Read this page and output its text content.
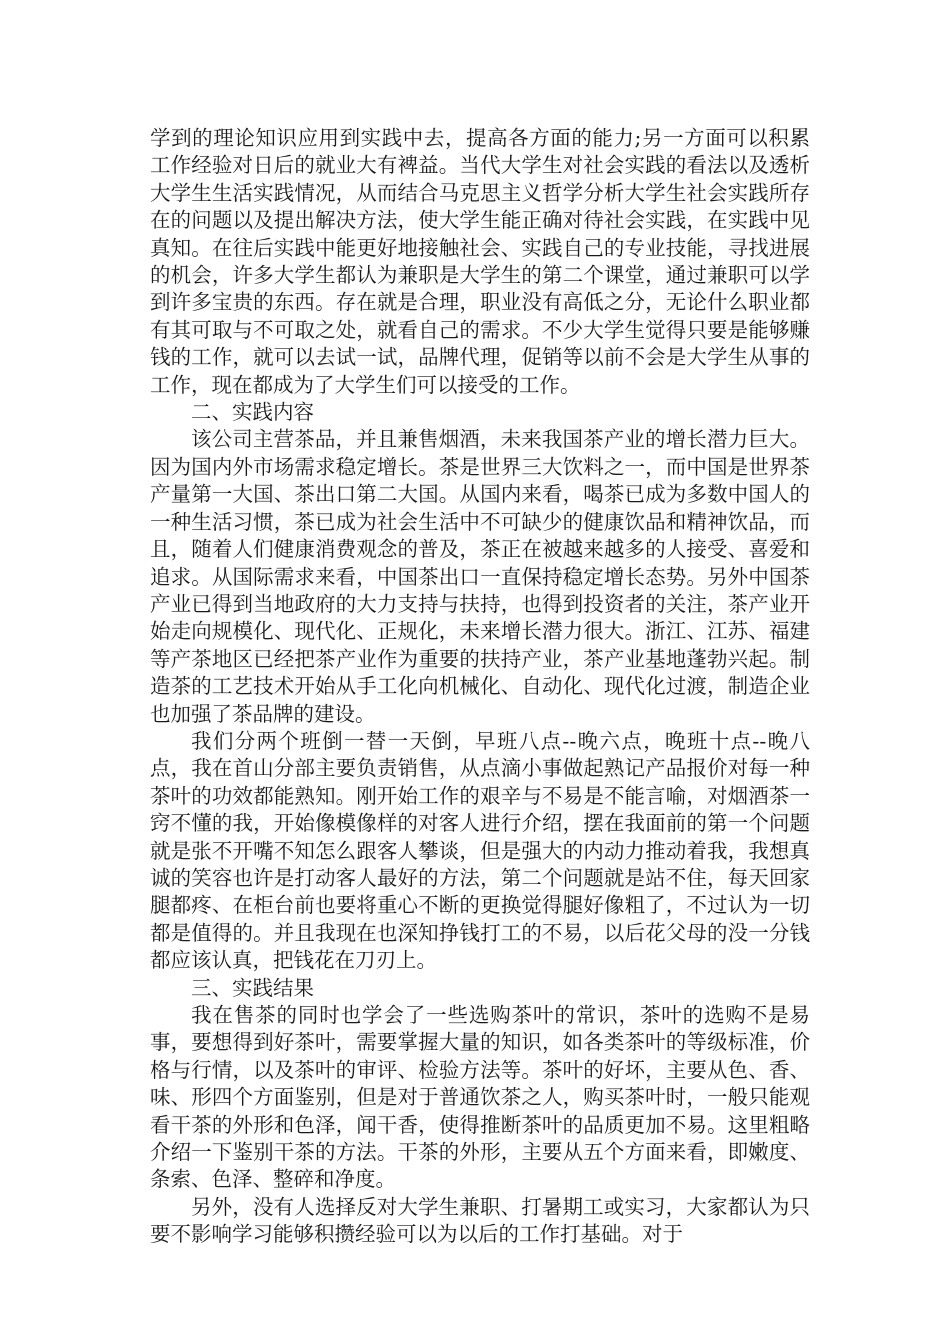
学到的理论知识应用到实践中去，提高各方面的能力;另一方面可以积累工作经验对日后的就业大有裨益。当代大学生对社会实践的看法以及透析大学生生活实践情况，从而结合马克思主义哲学分析大学生社会实践所存在的问题以及提出解决方法，使大学生能正确对待社会实践，在实践中见真知。在往后实践中能更好地接触社会、实践自己的专业技能，寻找进展的机会，许多大学生都认为兼职是大学生的第二个课堂，通过兼职可以学到许多宝贵的东西。存在就是合理，职业没有高低之分，无论什么职业都有其可取与不可取之处，就看自己的需求。不少大学生觉得只要是能够赚钱的工作，就可以去试一试，品牌代理，促销等以前不会是大学生从事的工作，现在都成为了大学生们可以接受的工作。

二、实践内容

该公司主营茶品，并且兼售烟酒，未来我国茶产业的增长潜力巨大。因为国内外市场需求稳定增长。茶是世界三大饮料之一，而中国是世界茶产量第一大国、茶出口第二大国。从国内来看，喝茶已成为多数中国人的一种生活习惯，茶已成为社会生活中不可缺少的健康饮品和精神饮品，而且，随着人们健康消费观念的普及，茶正在被越来越多的人接受、喜爱和追求。从国际需求来看，中国茶出口一直保持稳定增长态势。另外中国茶产业已得到当地政府的大力支持与扶持，也得到投资者的关注，茶产业开始走向规模化、现代化、正规化，未来增长潜力很大。浙江、江苏、福建等产茶地区已经把茶产业作为重要的扶持产业，茶产业基地蓬勃兴起。制造茶的工艺技术开始从手工化向机械化、自动化、现代化过渡，制造企业也加强了茶品牌的建设。

我们分两个班倒一替一天倒，早班八点--晚六点，晚班十点--晚八点，我在首山分部主要负责销售，从点滴小事做起熟记产品报价对每一种茶叶的功效都能熟知。刚开始工作的艰辛与不易是不能言喻，对烟酒茶一窍不懂的我，开始像模像样的对客人进行介绍，摆在我面前的第一个问题就是张不开嘴不知怎么跟客人攀谈，但是强大的内动力推动着我，我想真诚的笑容也许是打动客人最好的方法，第二个问题就是站不住，每天回家腿都疼、在柜台前也要将重心不断的更换觉得腿好像粗了，不过认为一切都是值得的。并且我现在也深知挣钱打工的不易，以后花父母的没一分钱都应该认真，把钱花在刀刃上。

三、实践结果

我在售茶的同时也学会了一些选购茶叶的常识，茶叶的选购不是易事，要想得到好茶叶，需要掌握大量的知识，如各类茶叶的等级标准，价格与行情，以及茶叶的审评、检验方法等。茶叶的好坏，主要从色、香、味、形四个方面鉴别，但是对于普通饮茶之人，购买茶叶时，一般只能观看干茶的外形和色泽，闻干香，使得推断茶叶的品质更加不易。这里粗略介绍一下鉴别干茶的方法。干茶的外形，主要从五个方面来看，即嫩度、条索、色泽、整碎和净度。

另外，没有人选择反对大学生兼职、打暑期工或实习，大家都认为只要不影响学习能够积攒经验可以为以后的工作打基础。对于
